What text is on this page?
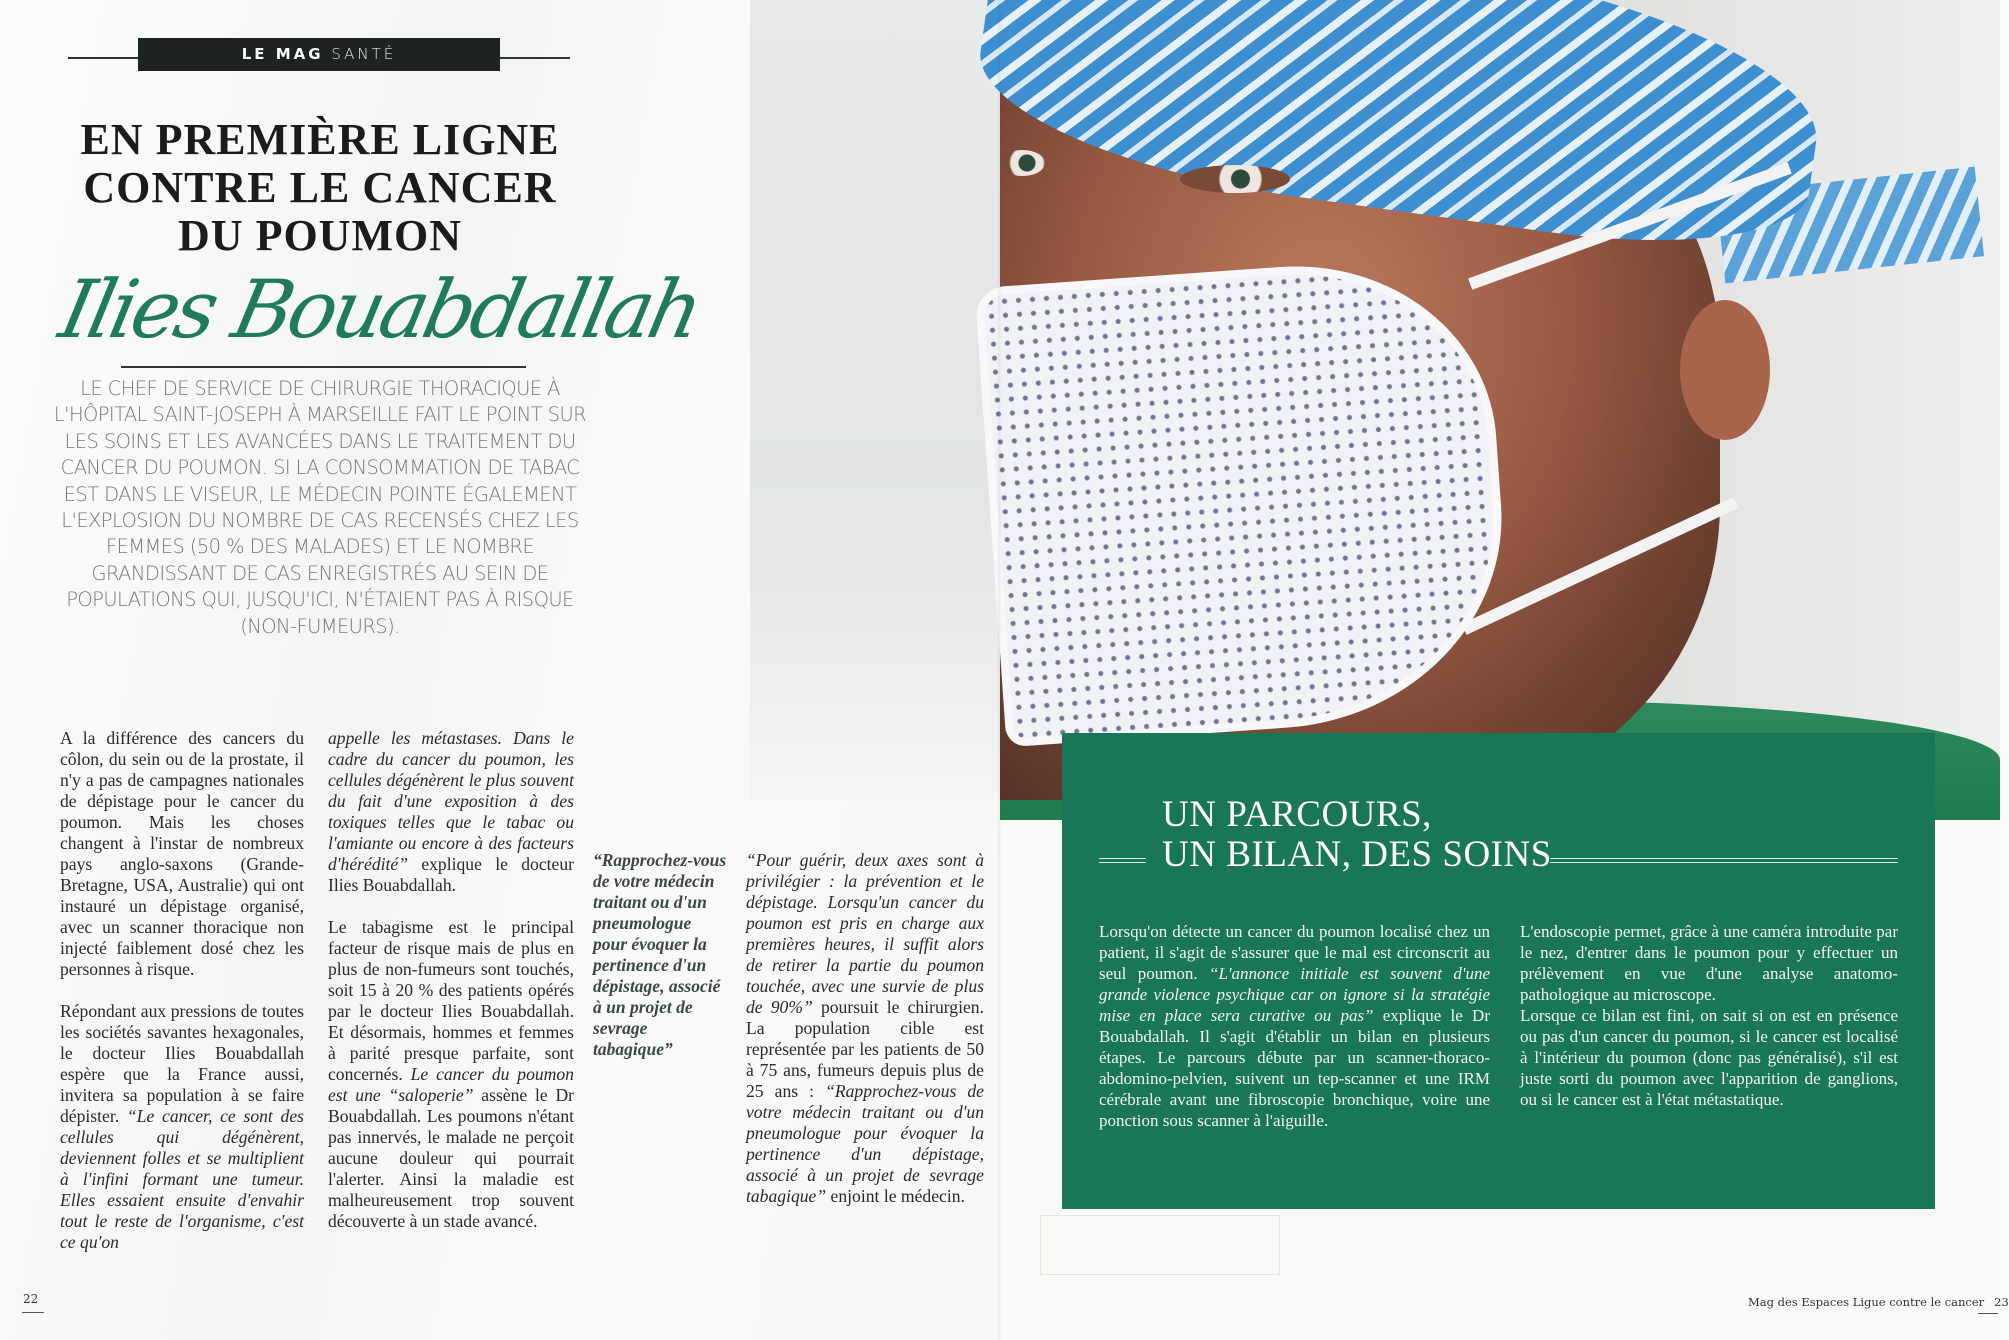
LE MAG SANTÉ
EN PREMIÈRE LIGNE CONTRE LE CANCER DU POUMON
Ilies Bouabdallah
LE CHEF DE SERVICE DE CHIRURGIE THORACIQUE À L'HÔPITAL SAINT-JOSEPH À MARSEILLE FAIT LE POINT SUR LES SOINS ET LES AVANCÉES DANS LE TRAITEMENT DU CANCER DU POUMON. SI LA CONSOMMATION DE TABAC EST DANS LE VISEUR, LE MÉDECIN POINTE ÉGALEMENT L'EXPLOSION DU NOMBRE DE CAS RECENSÉS CHEZ LES FEMMES (50 % DES MALADES) ET LE NOMBRE GRANDISSANT DE CAS ENREGISTRÉS AU SEIN DE POPULATIONS QUI, JUSQU'ICI, N'ÉTAIENT PAS À RISQUE (NON-FUMEURS).

A la différence des cancers du côlon, du sein ou de la prostate, il n'y a pas de campagnes nationales de dépistage pour le cancer du poumon. Mais les choses changent à l'instar de nombreux pays anglo-saxons (Grande-Bretagne, USA, Australie) qui ont instauré un dépistage organisé, avec un scanner thoracique non injecté faiblement dosé chez les personnes à risque.

Répondant aux pressions de toutes les sociétés savantes hexagonales, le docteur Ilies Bouabdallah espère que la France aussi, invitera sa population à se faire dépister. “Le cancer, ce sont des cellules qui dégénèrent, deviennent folles et se multiplient à l'infini formant une tumeur. Elles essaient ensuite d'envahir tout le reste de l'organisme, c'est ce qu'on

appelle les métastases. Dans le cadre du cancer du poumon, les cellules dégénèrent le plus souvent du fait d'une exposition à des toxiques telles que le tabac ou l'amiante ou encore à des facteurs d'hérédité” explique le docteur Ilies Bouabdallah.

Le tabagisme est le principal facteur de risque mais de plus en plus de non-fumeurs sont touchés, soit 15 à 20 % des patients opérés par le docteur Ilies Bouabdallah. Et désormais, hommes et femmes à parité presque parfaite, sont concernés. Le cancer du poumon est une “saloperie” assène le Dr Bouabdallah. Les poumons n'étant pas innervés, le malade ne perçoit aucune douleur qui pourrait l'alerter. Ainsi la maladie est malheureusement trop souvent découverte à un stade avancé.

“Rapprochez-vous de votre médecin traitant ou d'un pneumologue pour évoquer la pertinence d'un dépistage, associé à un projet de sevrage tabagique”

“Pour guérir, deux axes sont à privilégier : la prévention et le dépistage. Lorsqu'un cancer du poumon est pris en charge aux premières heures, il suffit alors de retirer la partie du poumon touchée, avec une survie de plus de 90%” poursuit le chirurgien. La population cible est représentée par les patients de 50 à 75 ans, fumeurs depuis plus de 25 ans : “Rapprochez-vous de votre médecin traitant ou d'un pneumologue pour évoquer la pertinence d'un dépistage, associé à un projet de sevrage tabagique” enjoint le médecin.

22
UN PARCOURS,
UN BILAN, DES SOINS

Lorsqu'on détecte un cancer du poumon localisé chez un patient, il s'agit de s'assurer que le mal est circonscrit au seul poumon. “L'annonce initiale est souvent d'une grande violence psychique car on ignore si la stratégie mise en place sera curative ou pas” explique le Dr Bouabdallah. Il s'agit d'établir un bilan en plusieurs étapes. Le parcours débute par un scanner-thoraco-abdomino-pelvien, suivent un tep-scanner et une IRM cérébrale avant une fibroscopie bronchique, voire une ponction sous scanner à l'aiguille.

L'endoscopie permet, grâce à une caméra introduite par le nez, d'entrer dans le poumon pour y effectuer un prélèvement en vue d'une analyse anatomo-pathologique au microscope.

Lorsque ce bilan est fini, on sait si on est en présence ou pas d'un cancer du poumon, si le cancer est localisé à l'intérieur du poumon (donc pas généralisé), s'il est juste sorti du poumon avec l'apparition de ganglions, ou si le cancer est à l'état métastatique.

Mag des Espaces Ligue contre le cancer 23
